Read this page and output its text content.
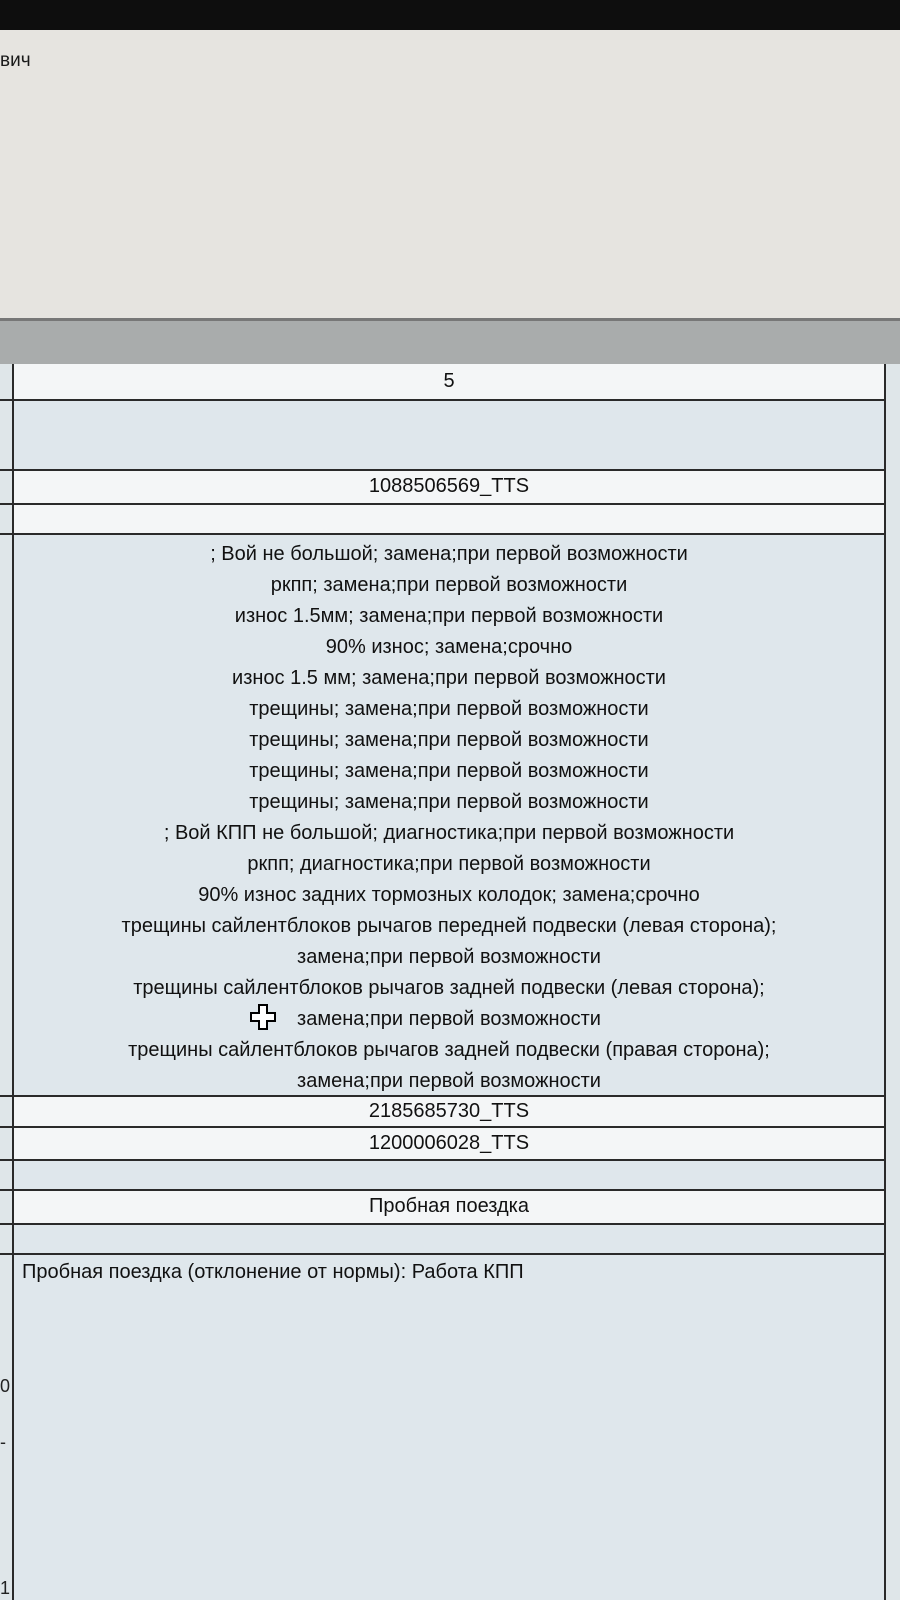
вич
5
1088506569_TTS
; Вой не большой; замена;при первой возможности
ркпп; замена;при первой возможности
износ 1.5мм; замена;при первой возможности
90% износ; замена;срочно
износ 1.5 мм; замена;при первой возможности
трещины; замена;при первой возможности
трещины; замена;при первой возможности
трещины; замена;при первой возможности
трещины; замена;при первой возможности
; Вой КПП не большой; диагностика;при первой возможности
ркпп; диагностика;при первой возможности
90% износ задних тормозных колодок; замена;срочно
трещины сайлентблоков рычагов передней подвески (левая сторона);
замена;при первой возможности
трещины сайлентблоков рычагов задней подвески (левая сторона);
замена;при первой возможности
трещины сайлентблоков рычагов задней подвески (правая сторона);
замена;при первой возможности
2185685730_TTS
1200006028_TTS
Пробная поездка
Пробная поездка (отклонение от нормы): Работа КПП
0
-
1
